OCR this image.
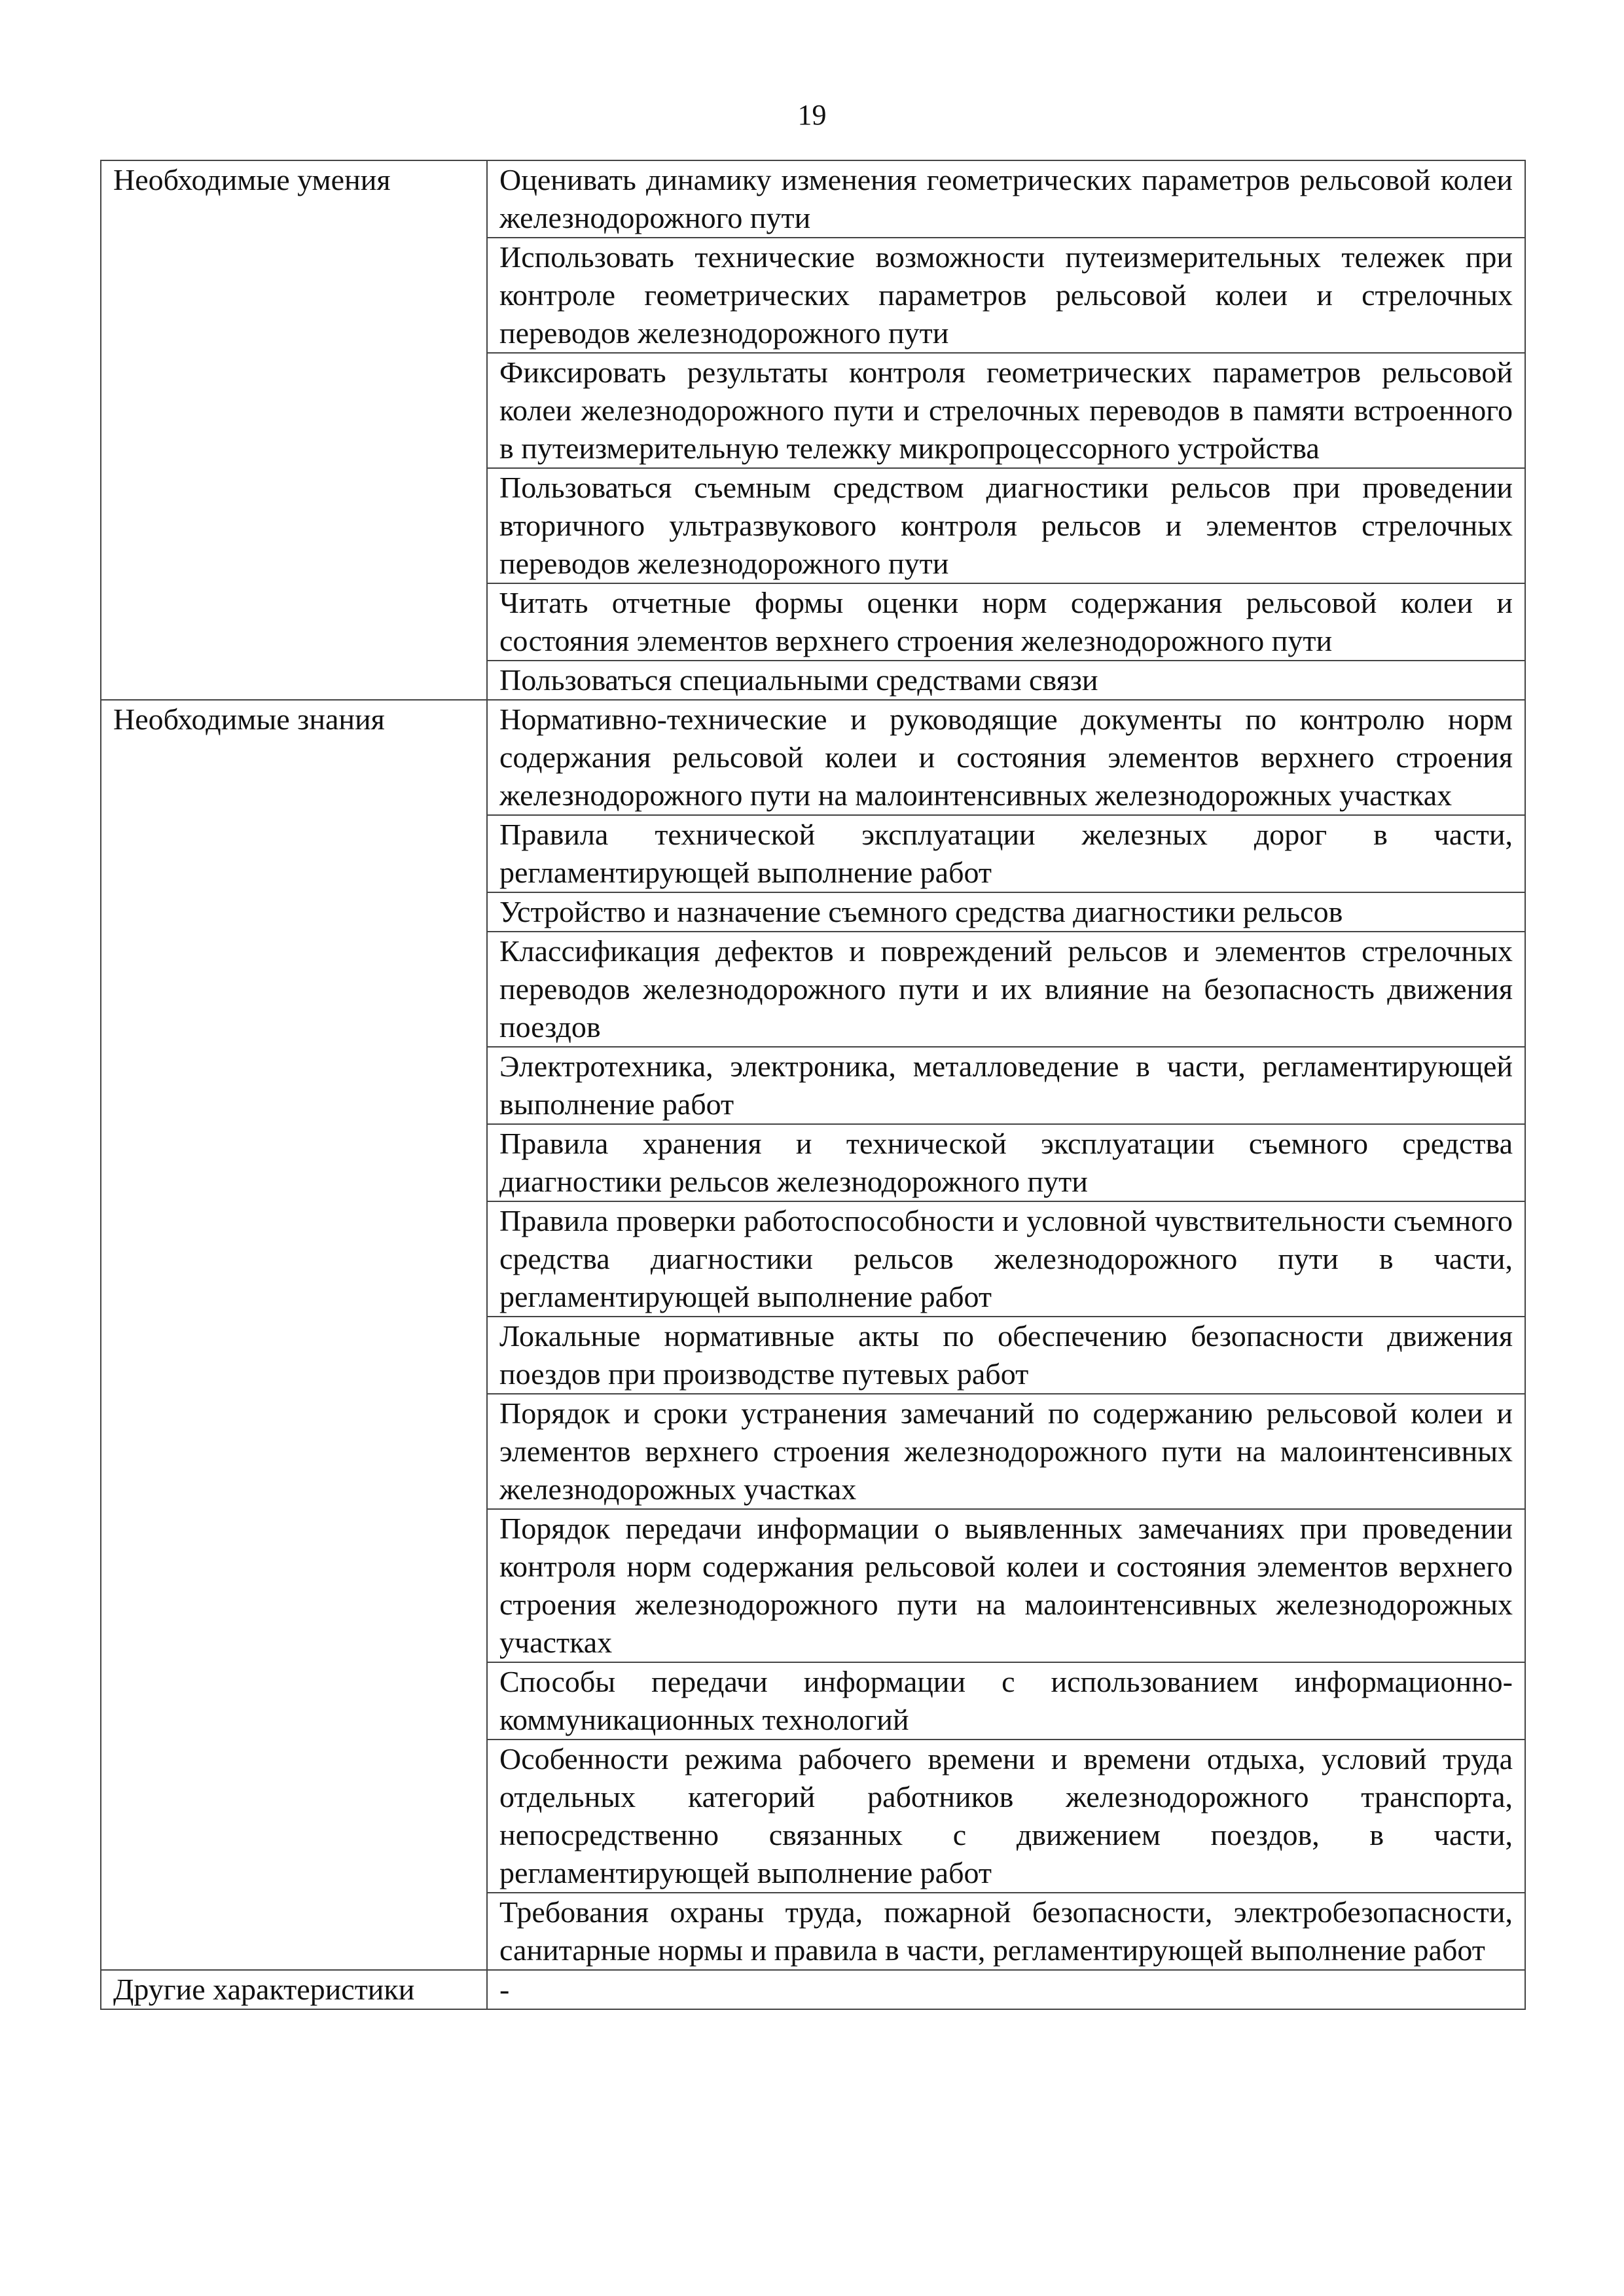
19
Необходимые умения	Оценивать динамику изменения геометрических параметров рельсовой колеи железнодорожного пути
	Использовать технические возможности путеизмерительных тележек при контроле геометрических параметров рельсовой колеи и стрелочных переводов железнодорожного пути
	Фиксировать результаты контроля геометрических параметров рельсовой колеи железнодорожного пути и стрелочных переводов в памяти встроенного в путеизмерительную тележку микропроцессорного устройства
	Пользоваться съемным средством диагностики рельсов при проведении вторичного ультразвукового контроля рельсов и элементов стрелочных переводов железнодорожного пути
	Читать отчетные формы оценки норм содержания рельсовой колеи и состояния элементов верхнего строения железнодорожного пути
	Пользоваться специальными средствами связи
Необходимые знания	Нормативно-технические и руководящие документы по контролю норм содержания рельсовой колеи и состояния элементов верхнего строения железнодорожного пути на малоинтенсивных железнодорожных участках
	Правила технической эксплуатации железных дорог в части, регламентирующей выполнение работ
	Устройство и назначение съемного средства диагностики рельсов
	Классификация дефектов и повреждений рельсов и элементов стрелочных переводов железнодорожного пути и их влияние на безопасность движения поездов
	Электротехника, электроника, металловедение в части, регламентирующей выполнение работ
	Правила хранения и технической эксплуатации съемного средства диагностики рельсов железнодорожного пути
	Правила проверки работоспособности и условной чувствительности съемного средства диагностики рельсов железнодорожного пути в части, регламентирующей выполнение работ
	Локальные нормативные акты по обеспечению безопасности движения поездов при производстве путевых работ
	Порядок и сроки устранения замечаний по содержанию рельсовой колеи и элементов верхнего строения железнодорожного пути на малоинтенсивных железнодорожных участках
	Порядок передачи информации о выявленных замечаниях при проведении контроля норм содержания рельсовой колеи и состояния элементов верхнего строения железнодорожного пути на малоинтенсивных железнодорожных участках
	Способы передачи информации с использованием информационно-коммуникационных технологий
	Особенности режима рабочего времени и времени отдыха, условий труда отдельных категорий работников железнодорожного транспорта, непосредственно связанных с движением поездов, в части, регламентирующей выполнение работ
	Требования охраны труда, пожарной безопасности, электробезопасности, санитарные нормы и правила в части, регламентирующей выполнение работ
Другие характеристики	-
